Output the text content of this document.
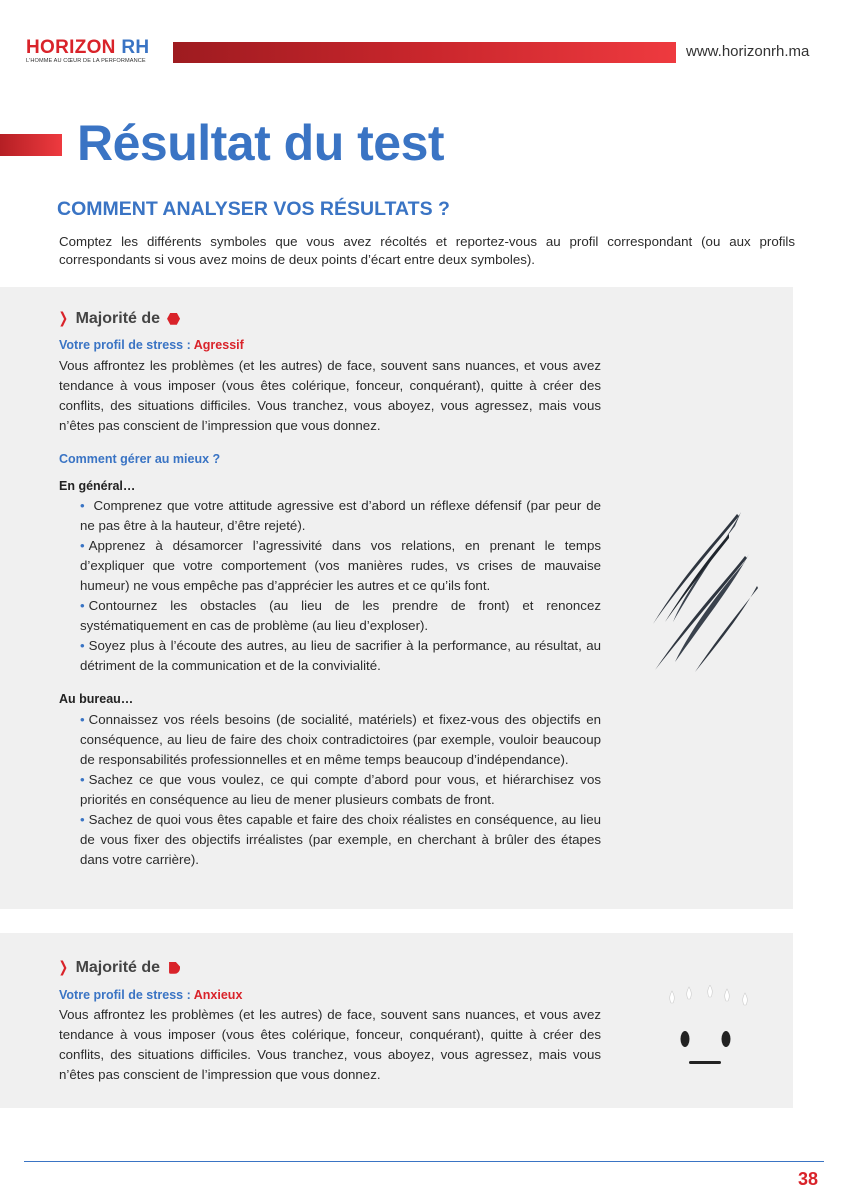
HORIZON RH
L'HOMME AU CŒUR DE LA PERFORMANCE
www.horizonrh.ma
Résultat du test
COMMENT ANALYSER VOS RÉSULTATS ?
Comptez les différents symboles que vous avez récoltés et reportez-vous au profil correspondant (ou aux profils correspondants si vous avez moins de deux points d’écart entre deux symboles).
❯ Majorité de
Votre profil de stress : Agressif
Vous affrontez les problèmes (et les autres) de face, souvent sans nuances, et vous avez tendance à vous imposer (vous êtes colérique, fonceur, conquérant), quitte à créer des conflits, des situations difficiles. Vous tranchez, vous aboyez, vous agressez, mais vous n’êtes pas conscient de l’impression que vous donnez.
Comment gérer au mieux ?
En général…
• Comprenez que votre attitude agressive est d’abord un réflexe défensif (par peur de ne pas être à la hauteur, d’être rejeté).
• Apprenez à désamorcer l’agressivité dans vos relations, en prenant le temps d’expliquer que votre comportement (vos manières rudes, vs crises de mauvaise humeur) ne vous empêche pas d’apprécier les autres et ce qu’ils font.
• Contournez les obstacles (au lieu de les prendre de front) et renoncez systématiquement en cas de problème (au lieu d’exploser).
• Soyez plus à l’écoute des autres, au lieu de sacrifier à la performance, au résultat, au détriment de la communication et de la convivialité.
Au bureau…
• Connaissez vos réels besoins (de socialité, matériels) et fixez-vous des objectifs en conséquence, au lieu de faire des choix contradictoires (par exemple, vouloir beaucoup de responsabilités professionnelles et en même temps beaucoup d’indépendance).
• Sachez ce que vous voulez, ce qui compte d’abord pour vous, et hiérarchisez vos priorités en conséquence au lieu de mener plusieurs combats de front.
• Sachez de quoi vous êtes capable et faire des choix réalistes en conséquence, au lieu de vous fixer des objectifs irréalistes (par exemple, en cherchant à brûler des étapes dans votre carrière).
❯ Majorité de
Votre profil de stress : Anxieux
Vous affrontez les problèmes (et les autres) de face, souvent sans nuances, et vous avez tendance à vous imposer (vous êtes colérique, fonceur, conquérant), quitte à créer des conflits, des situations difficiles. Vous tranchez, vous aboyez, vous agressez, mais vous n’êtes pas conscient de l’impression que vous donnez.
38
